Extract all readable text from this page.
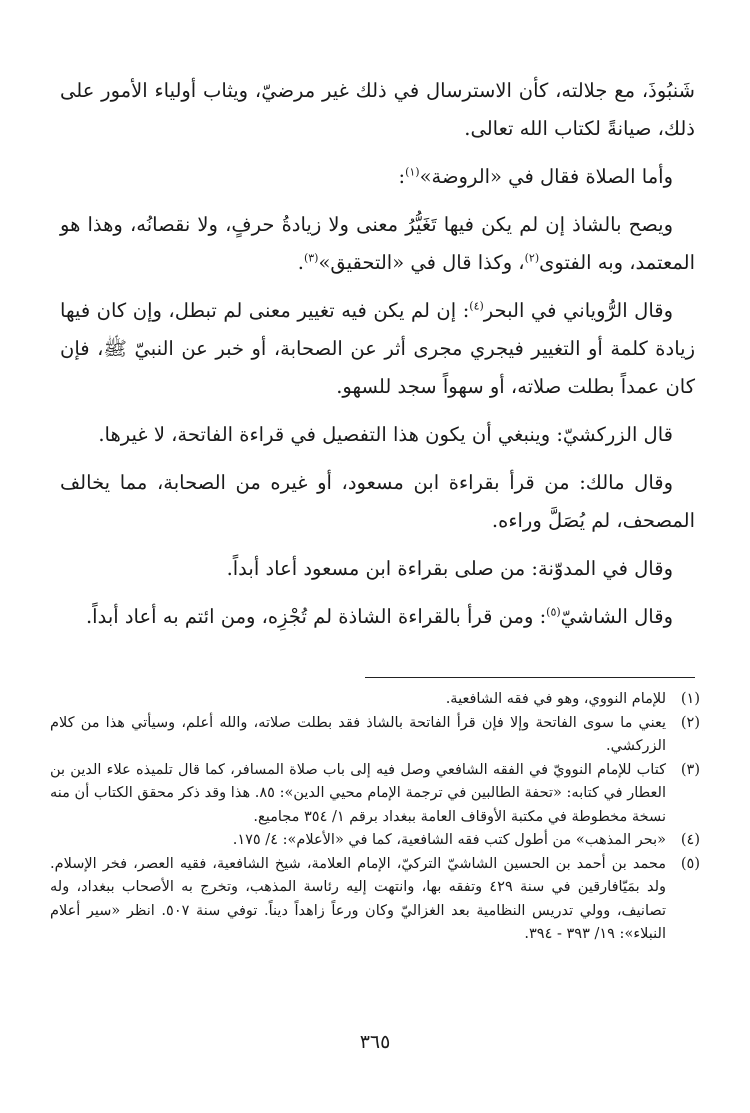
شَنبُوذَ، مع جلالته، كأن الاسترسال في ذلك غير مرضيّ، ويثاب أولياء الأمور على ذلك، صيانةً لكتاب الله تعالى.

وأما الصلاة فقال في «الروضة»$^{(١)}$:

ويصح بالشاذ إن لم يكن فيها تَغَيُّرُ معنى ولا زيادةُ حرفٍ، ولا نقصانُه، وهذا هو المعتمد، وبه الفتوى$^{(٢)}$، وكذا قال في «التحقيق»$^{(٣)}$.

وقال الرُّوياني في البحر$^{(٤)}$: إن لم يكن فيه تغيير معنى لم تبطل، وإن كان فيها زيادة كلمة أو التغيير فيجري مجرى أثر عن الصحابة، أو خبر عن النبيّ ﷺ، فإن كان عمداً بطلت صلاته، أو سهواً سجد للسهو.

قال الزركشيّ: وينبغي أن يكون هذا التفصيل في قراءة الفاتحة، لا غيرها.

وقال مالك: من قرأ بقراءة ابن مسعود، أو غيره من الصحابة، مما يخالف المصحف، لم يُصَلَّ وراءه.

وقال في المدوّنة: من صلى بقراءة ابن مسعود أعاد أبداً.

وقال الشاشيّ$^{(٥)}$: ومن قرأ بالقراءة الشاذة لم تُجْزِه، ومن ائتم به أعاد أبداً.

(١)
للإمام النووي، وهو في فقه الشافعية.
(٢)
يعني ما سوى الفاتحة وإلا فإن قرأ الفاتحة بالشاذ فقد بطلت صلاته، والله أعلم، وسيأتي هذا من كلام الزركشي.
(٣)
كتاب للإمام النوويّ في الفقه الشافعي وصل فيه إلى باب صلاة المسافر، كما قال تلميذه علاء الدين بن العطار في كتابه: «تحفة الطالبين في ترجمة الإمام محيي الدين»: ٨٥. هذا وقد ذكر محقق الكتاب أن منه نسخة مخطوطة في مكتبة الأوقاف العامة ببغداد برقم ١/ ٣٥٤ مجاميع.
(٤)
«بحر المذهب» من أطول كتب فقه الشافعية، كما في «الأعلام»: ٤/ ١٧٥.
(٥)
محمد بن أحمد بن الحسين الشاشيّ التركيّ، الإمام العلامة، شيخ الشافعية، فقيه العصر، فخر الإسلام. ولد بمَيّافارقين في سنة ٤٢٩ وتفقه بها، وانتهت إليه رئاسة المذهب، وتخرج به الأصحاب ببغداد، وله تصانيف، وولي تدريس النظامية بعد الغزاليّ وكان ورعاً زاهداً ديناً. توفي سنة ٥٠٧. انظر «سير أعلام النبلاء»: ١٩/ ٣٩٣ - ٣٩٤.
٣٦٥
